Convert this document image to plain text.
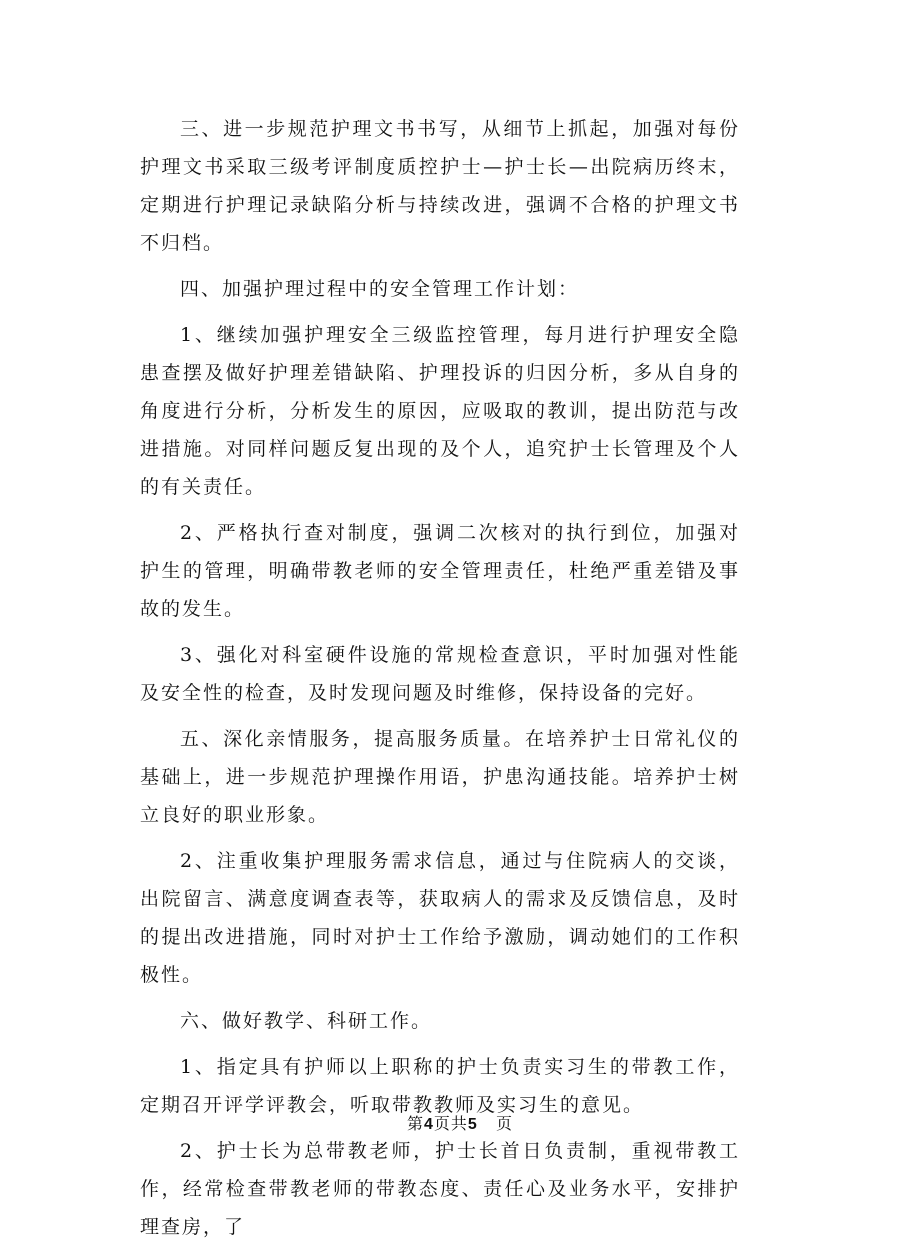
三、进一步规范护理文书书写，从细节上抓起，加强对每份护理文书采取三级考评制度质控护士—护士长—出院病历终末，定期进行护理记录缺陷分析与持续改进，强调不合格的护理文书不归档。

四、加强护理过程中的安全管理工作计划：

1、继续加强护理安全三级监控管理，每月进行护理安全隐患查摆及做好护理差错缺陷、护理投诉的归因分析，多从自身的角度进行分析，分析发生的原因，应吸取的教训，提出防范与改进措施。对同样问题反复出现的及个人，追究护士长管理及个人的有关责任。

2、严格执行查对制度，强调二次核对的执行到位，加强对护生的管理，明确带教老师的安全管理责任，杜绝严重差错及事故的发生。

3、强化对科室硬件设施的常规检查意识，平时加强对性能及安全性的检查，及时发现问题及时维修，保持设备的完好。

五、深化亲情服务，提高服务质量。在培养护士日常礼仪的基础上，进一步规范护理操作用语，护患沟通技能。培养护士树立良好的职业形象。

2、注重收集护理服务需求信息，通过与住院病人的交谈，出院留言、满意度调查表等，获取病人的需求及反馈信息，及时的提出改进措施，同时对护士工作给予激励，调动她们的工作积极性。

六、做好教学、科研工作。

1、指定具有护师以上职称的护士负责实习生的带教工作，定期召开评学评教会，听取带教教师及实习生的意见。

2、护士长为总带教老师，护士长首日负责制，重视带教工作，经常检查带教老师的带教态度、责任心及业务水平，安排护理查房，了

第4页共5 页
